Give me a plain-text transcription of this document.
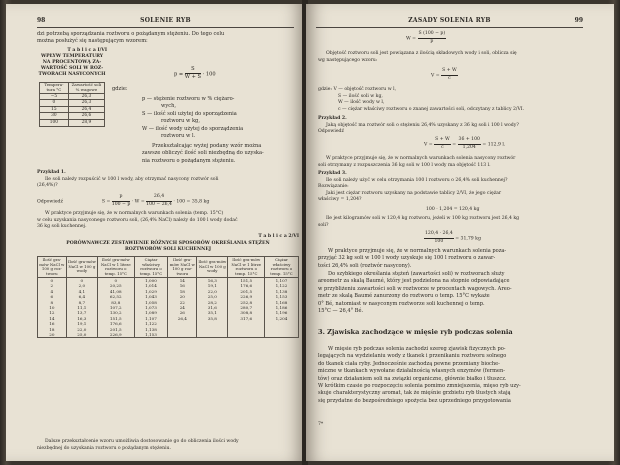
98	SOLENIE RYB

dzi potrzebą sporządzania roztworu o pożądanym stężeniu. Do tego celu

można posłużyć się następującym wzorem:

T a b l i c a I/VI

WPŁYW TEMPERATURY

NA PROCENTOWĄ ZA-

WARTOŚĆ SOLI W ROZ-

TWORACH NASYCONYCH

Tempera-tura °C	Zawartość soli % wagowe
−5	26,3
0	26,3
15	26,4
30	26,6
100	28,9
$p = \frac{S}{W + S} \cdot 100$
gdzie:

p — stężenie roztworu w % ciężaro-

wych,

S — ilość soli użytej do sporządzenia

roztworu w kg,

W — ilość wody użytej do sporządzenia

roztworu w l.

Przekształcając wyżej podany wzór można

zawsze obliczyć ilość soli niezbędną do uzyska-

nia roztworu o pożądanym stężeniu.

Przykład 1.

Ile soli należy rozpuścić w 100 l wody, aby otrzymać nasycony roztwór soli

(26,4%)?

Odpowiedź	$S = \frac{p}{100 - p} \cdot W = \frac{26,4}{100 - 26,4} \cdot 100 = 35,8$ kg

W praktyce przyjmuje się, że w normalnych warunkach solenia (temp. 15°C)

w celu uzyskania nasyconego roztworu soli, (26,4% NaCl) należy do 100 l wody dodać

36 kg soli kuchennej.

T a b l i c a 2/VI

PORÓWNAWCZE ZESTAWIENIE RÓŻNYCH SPOSOBÓW OKREŚLANIA STĘŻEŃ

ROZTWORÓW SOLI KUCHENNEJ

Ilość gra-mów NaCl w 100 g roz-tworu	Ilość gra-mów NaCl w 100 g wody	Ilość gra-mów NaCl w 1 litrze roztworu o temp. 15°C	Ciężar właściwy roztworu o temp. 15°C	Ilość gra-mów NaCl w 100 g roz-tworu	Ilość gra-mów NaCl w 100 g wody	Ilość gra-mów NaCl w 1 litrze roztworu o temp. 15°C	Ciężar właściwy roztworu o temp. 15°C
0	0	0	1,000	14	16,3	151,5	1,107
2	2,0	20,25	1,014	16	19,1	176,6	1,122
4	4,1	41,08	1,029	18	22,0	201,5	1,138
6	6,4	62,52	1,043	20	25,0	226,9	1,153
8	8,7	83,8	1,058	22	28,2	252,8	1,168
10	11,1	107,2	1,073	24	31,6	280,7	1,186
12	13,7	130,2	1,089	26	35,1	308,8	1,196
14	16,3	151,5	1,107	26,4	35,8	317,6	1,204
16	19,1	176,6	1,122				
18	22,0	201,5	1,138				
20	25,0	226,9	1,153				

Dalsze przekształcenie wzoru umożliwia dostosowanie go do obliczenia ilości wody

niezbędnej do uzyskania roztworu o pożądanym stężeniu.

ZASADY SOLENIA RYB	99
$W = \frac{S (100 - p)}{p}$

Objętość roztworu soli jest powiązana z ilością składowych wody i soli, oblicza się

wg następującego wzoru:

$V = \frac{S + W}{c}$

gdzie: V — objętość roztworu w l,

S — ilość soli w kg,

W — ilość wody w l,

c — ciężar właściwy roztworu o znanej zawartości soli, odczytany z tablicy 2/VI.

Przykład 2.

Jaką objętość ma roztwór soli o stężeniu 26,4% uzyskany z 36 kg soli i 100 l wody?

Odpowiedź

$V = \frac{S + W}{c} = \frac{36 + 100}{1,204} = 112,9$ l.

W praktyce przyjmuje się, że w normalnych warunkach solenia nasycony roztwór

soli otrzymany z rozpuszczenia 36 kg soli w 100 l wody ma objętość 113 l.

Przykład 3.

Ile soli należy użyć w celu otrzymania 100 l roztworu o 26,4% soli kuchennej?

Rozwiązanie:

Jaki jest ciężar roztworu uzyskany na podstawie tablicy 2/VI, że jego ciężar

właściwy = 1,204?

100 · 1,204 = 120,4 kg

Ile jest kilogramów soli w 120,4 kg roztworu, jeżeli w 100 kg roztworu jest 26,4 kg

soli?

$\frac{120,4 \cdot 26,4}{100} = 31,79$ kg

W praktyce przyjmuje się, że w normalnych warunkach solenia poza-

przyjąć 32 kg soli w 100 l wody uzyskuje się 100 l roztworu o zawar-

tości 26,4% soli (roztwór nasycony).

Do szybkiego określania stężeń (zawartości soli) w roztworach służy

areometr za skalą Baumé, który jest podzielona na stopnie odpowiadające

w przybliżeniu zawartości soli w roztworze w procentach wagowych. Areo-

metr ze skalą Baumé zanurzony do roztworu o temp. 15°C wykaże

0° Bé, natomiast w nasyconym roztworze soli kuchennej o temp.

15°C — 26,4° Bé.

3. Zjawiska zachodzące w mięsie ryb podczas solenia

W mięsie ryb podczas solenia zachodzi szereg zjawisk fizycznych po-

legających na wydzielaniu wody z tkanek i przenikaniu roztworu solnego

do tkanek ciała ryby. Jednocześnie zachodzą pewne przemiany bioche-

miczne w tkankach wywołane działalnością własnych enzymów (fermen-

tów) oraz działaniem soli na związki organiczne, głównie białko i tłuszcz.

W krótkim czasie po rozpoczęciu solenia pomimo zmniejszenia, mięso ryb uzy-

skuje charakterystyczny aromat, tak że mięśnie grzbietu ryb tłustych stają

się przydatne do bezpośredniego spożycia bez uprzedniego przygotowania

7*
